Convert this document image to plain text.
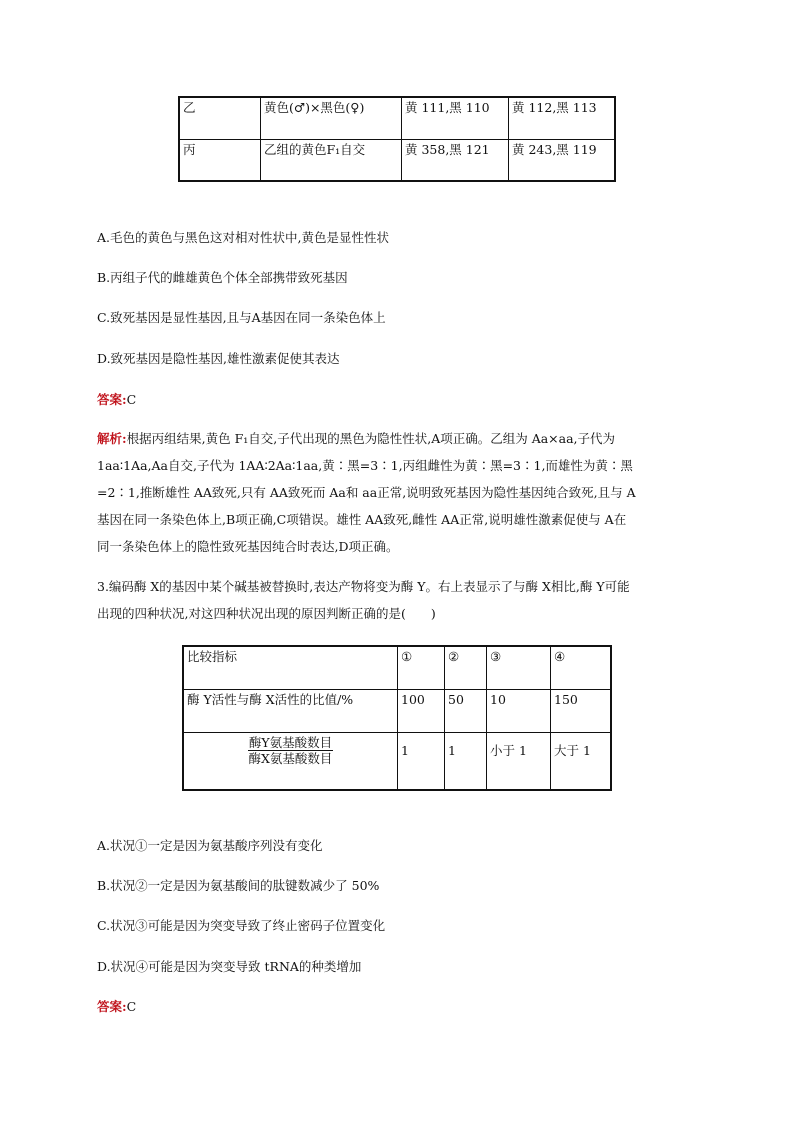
乙	黄色(♂)×黑色(♀)	黄 111,黑 110	黄 112,黑 113
丙	乙组的黄色F₁自交	黄 358,黑 121	黄 243,黑 119
A.毛色的黄色与黑色这对相对性状中,黄色是显性性状
B.丙组子代的雌雄黄色个体全部携带致死基因
C.致死基因是显性基因,且与A基因在同一条染色体上
D.致死基因是隐性基因,雄性激素促使其表达
答案:C
解析:根据丙组结果,黄色 F₁自交,子代出现的黑色为隐性性状,A项正确。乙组为 Aa×aa,子代为
1aa∶1Aa,Aa自交,子代为 1AA∶2Aa∶1aa,黄∶黑=3∶1,丙组雌性为黄∶黑=3∶1,而雄性为黄∶黑
=2∶1,推断雄性 AA致死,只有 AA致死而 Aa和 aa正常,说明致死基因为隐性基因纯合致死,且与 A
基因在同一条染色体上,B项正确,C项错误。雄性 AA致死,雌性 AA正常,说明雄性激素促使与 A在
同一条染色体上的隐性致死基因纯合时表达,D项正确。
3.编码酶 X的基因中某个碱基被替换时,表达产物将变为酶 Y。右上表显示了与酶 X相比,酶 Y可能
出现的四种状况,对这四种状况出现的原因判断正确的是(　　)
比较指标	①	②	③	④
酶 Y活性与酶 X活性的比值/%	100	50	10	150

$\frac{\text{酶Y氨基酸数目}}{\text{酶X氨基酸数目}}$	1	1	小于 1	大于 1
A.状况①一定是因为氨基酸序列没有变化
B.状况②一定是因为氨基酸间的肽键数减少了 50%
C.状况③可能是因为突变导致了终止密码子位置变化
D.状况④可能是因为突变导致 tRNA的种类增加
答案:C
